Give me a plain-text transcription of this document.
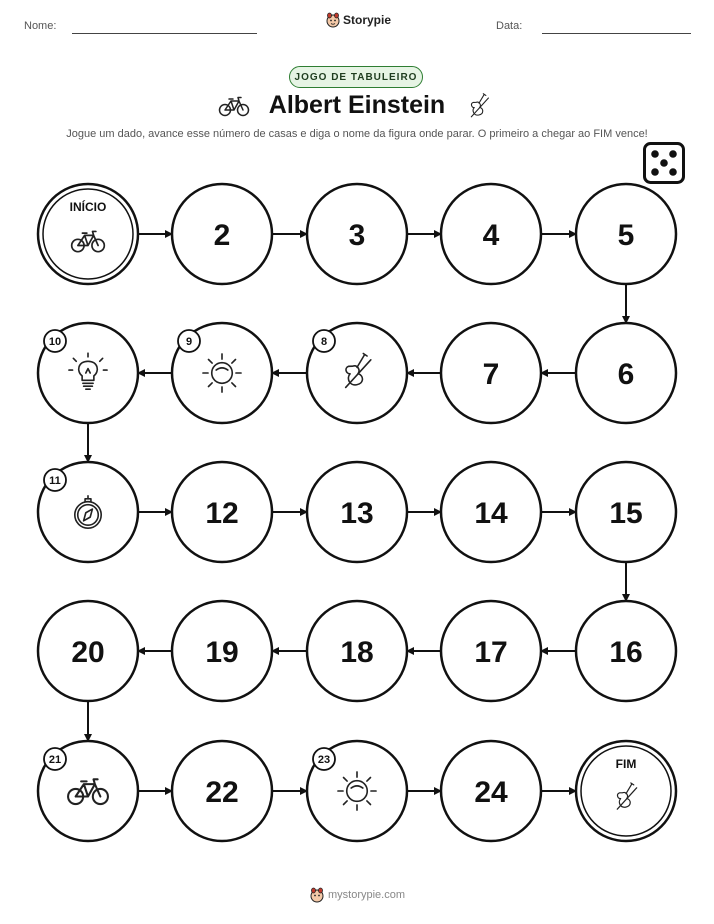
Nome:	Storypie	Data:
JOGO DE TABULEIRO
Albert Einstein
Jogue um dado, avance esse número de casas e diga o nome da figura onde parar. O primeiro a chegar ao FIM vence!
INÍCIO
2	3	4	5
6
7
8
9
10
11
12	13	14	15
16
17
18
19
20
21
22
23
24
FIM
mystorypie.com
